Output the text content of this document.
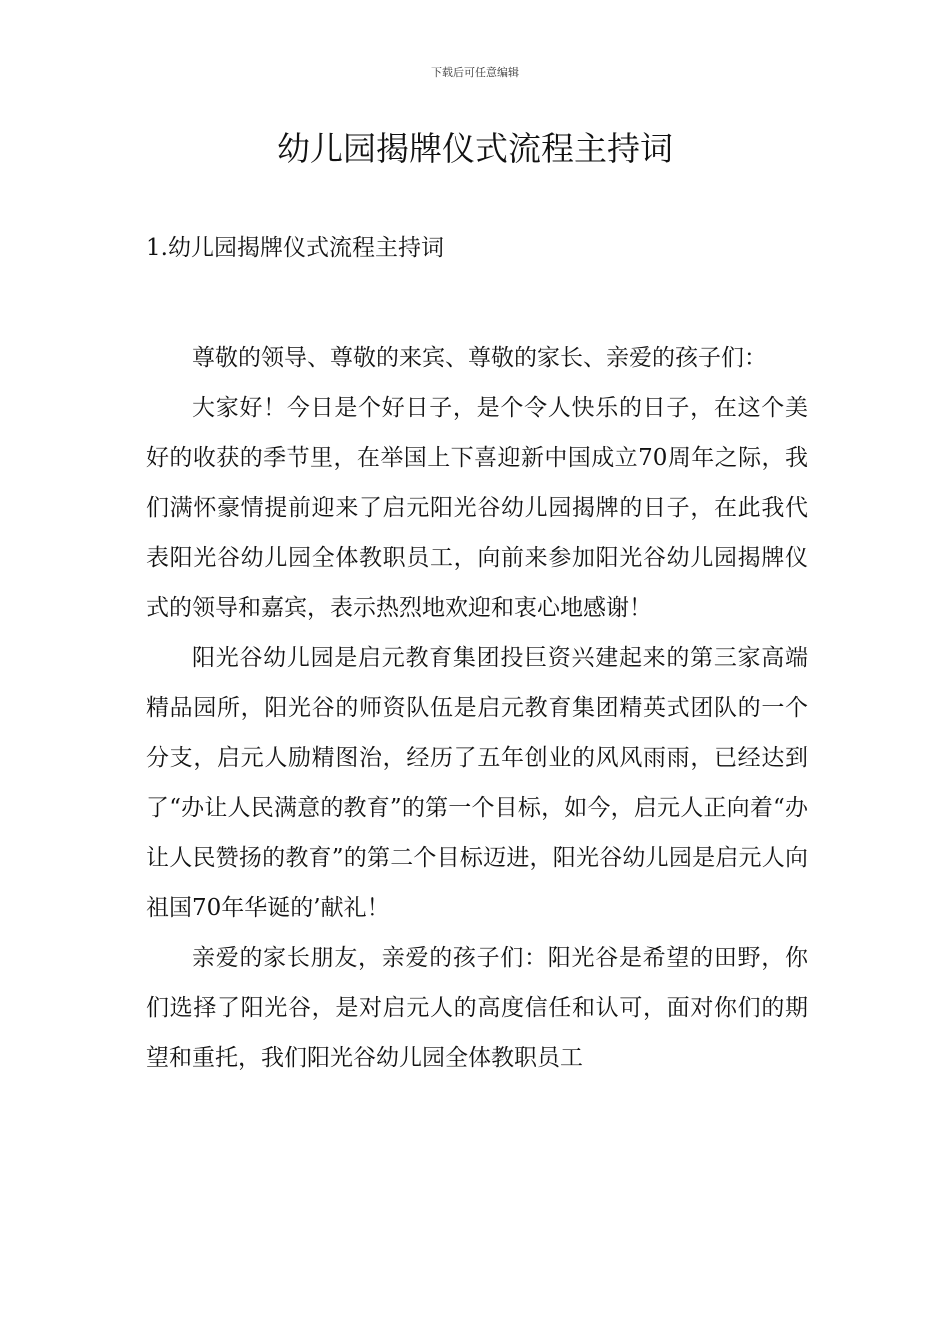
下载后可任意编辑
幼儿园揭牌仪式流程主持词
1.幼儿园揭牌仪式流程主持词

尊敬的领导、尊敬的来宾、尊敬的家长、亲爱的孩子们：

大家好！今日是个好日子，是个令人快乐的日子，在这个美好的收获的季节里，在举国上下喜迎新中国成立70周年之际，我们满怀豪情提前迎来了启元阳光谷幼儿园揭牌的日子，在此我代表阳光谷幼儿园全体教职员工，向前来参加阳光谷幼儿园揭牌仪式的领导和嘉宾，表示热烈地欢迎和衷心地感谢！

阳光谷幼儿园是启元教育集团投巨资兴建起来的第三家高端精品园所，阳光谷的师资队伍是启元教育集团精英式团队的一个分支，启元人励精图治，经历了五年创业的风风雨雨，已经达到了“办让人民满意的教育”的第一个目标，如今，启元人正向着“办让人民赞扬的教育”的第二个目标迈进，阳光谷幼儿园是启元人向祖国70年华诞的’献礼！

亲爱的家长朋友，亲爱的孩子们：阳光谷是希望的田野，你们选择了阳光谷，是对启元人的高度信任和认可，面对你们的期望和重托，我们阳光谷幼儿园全体教职员工
